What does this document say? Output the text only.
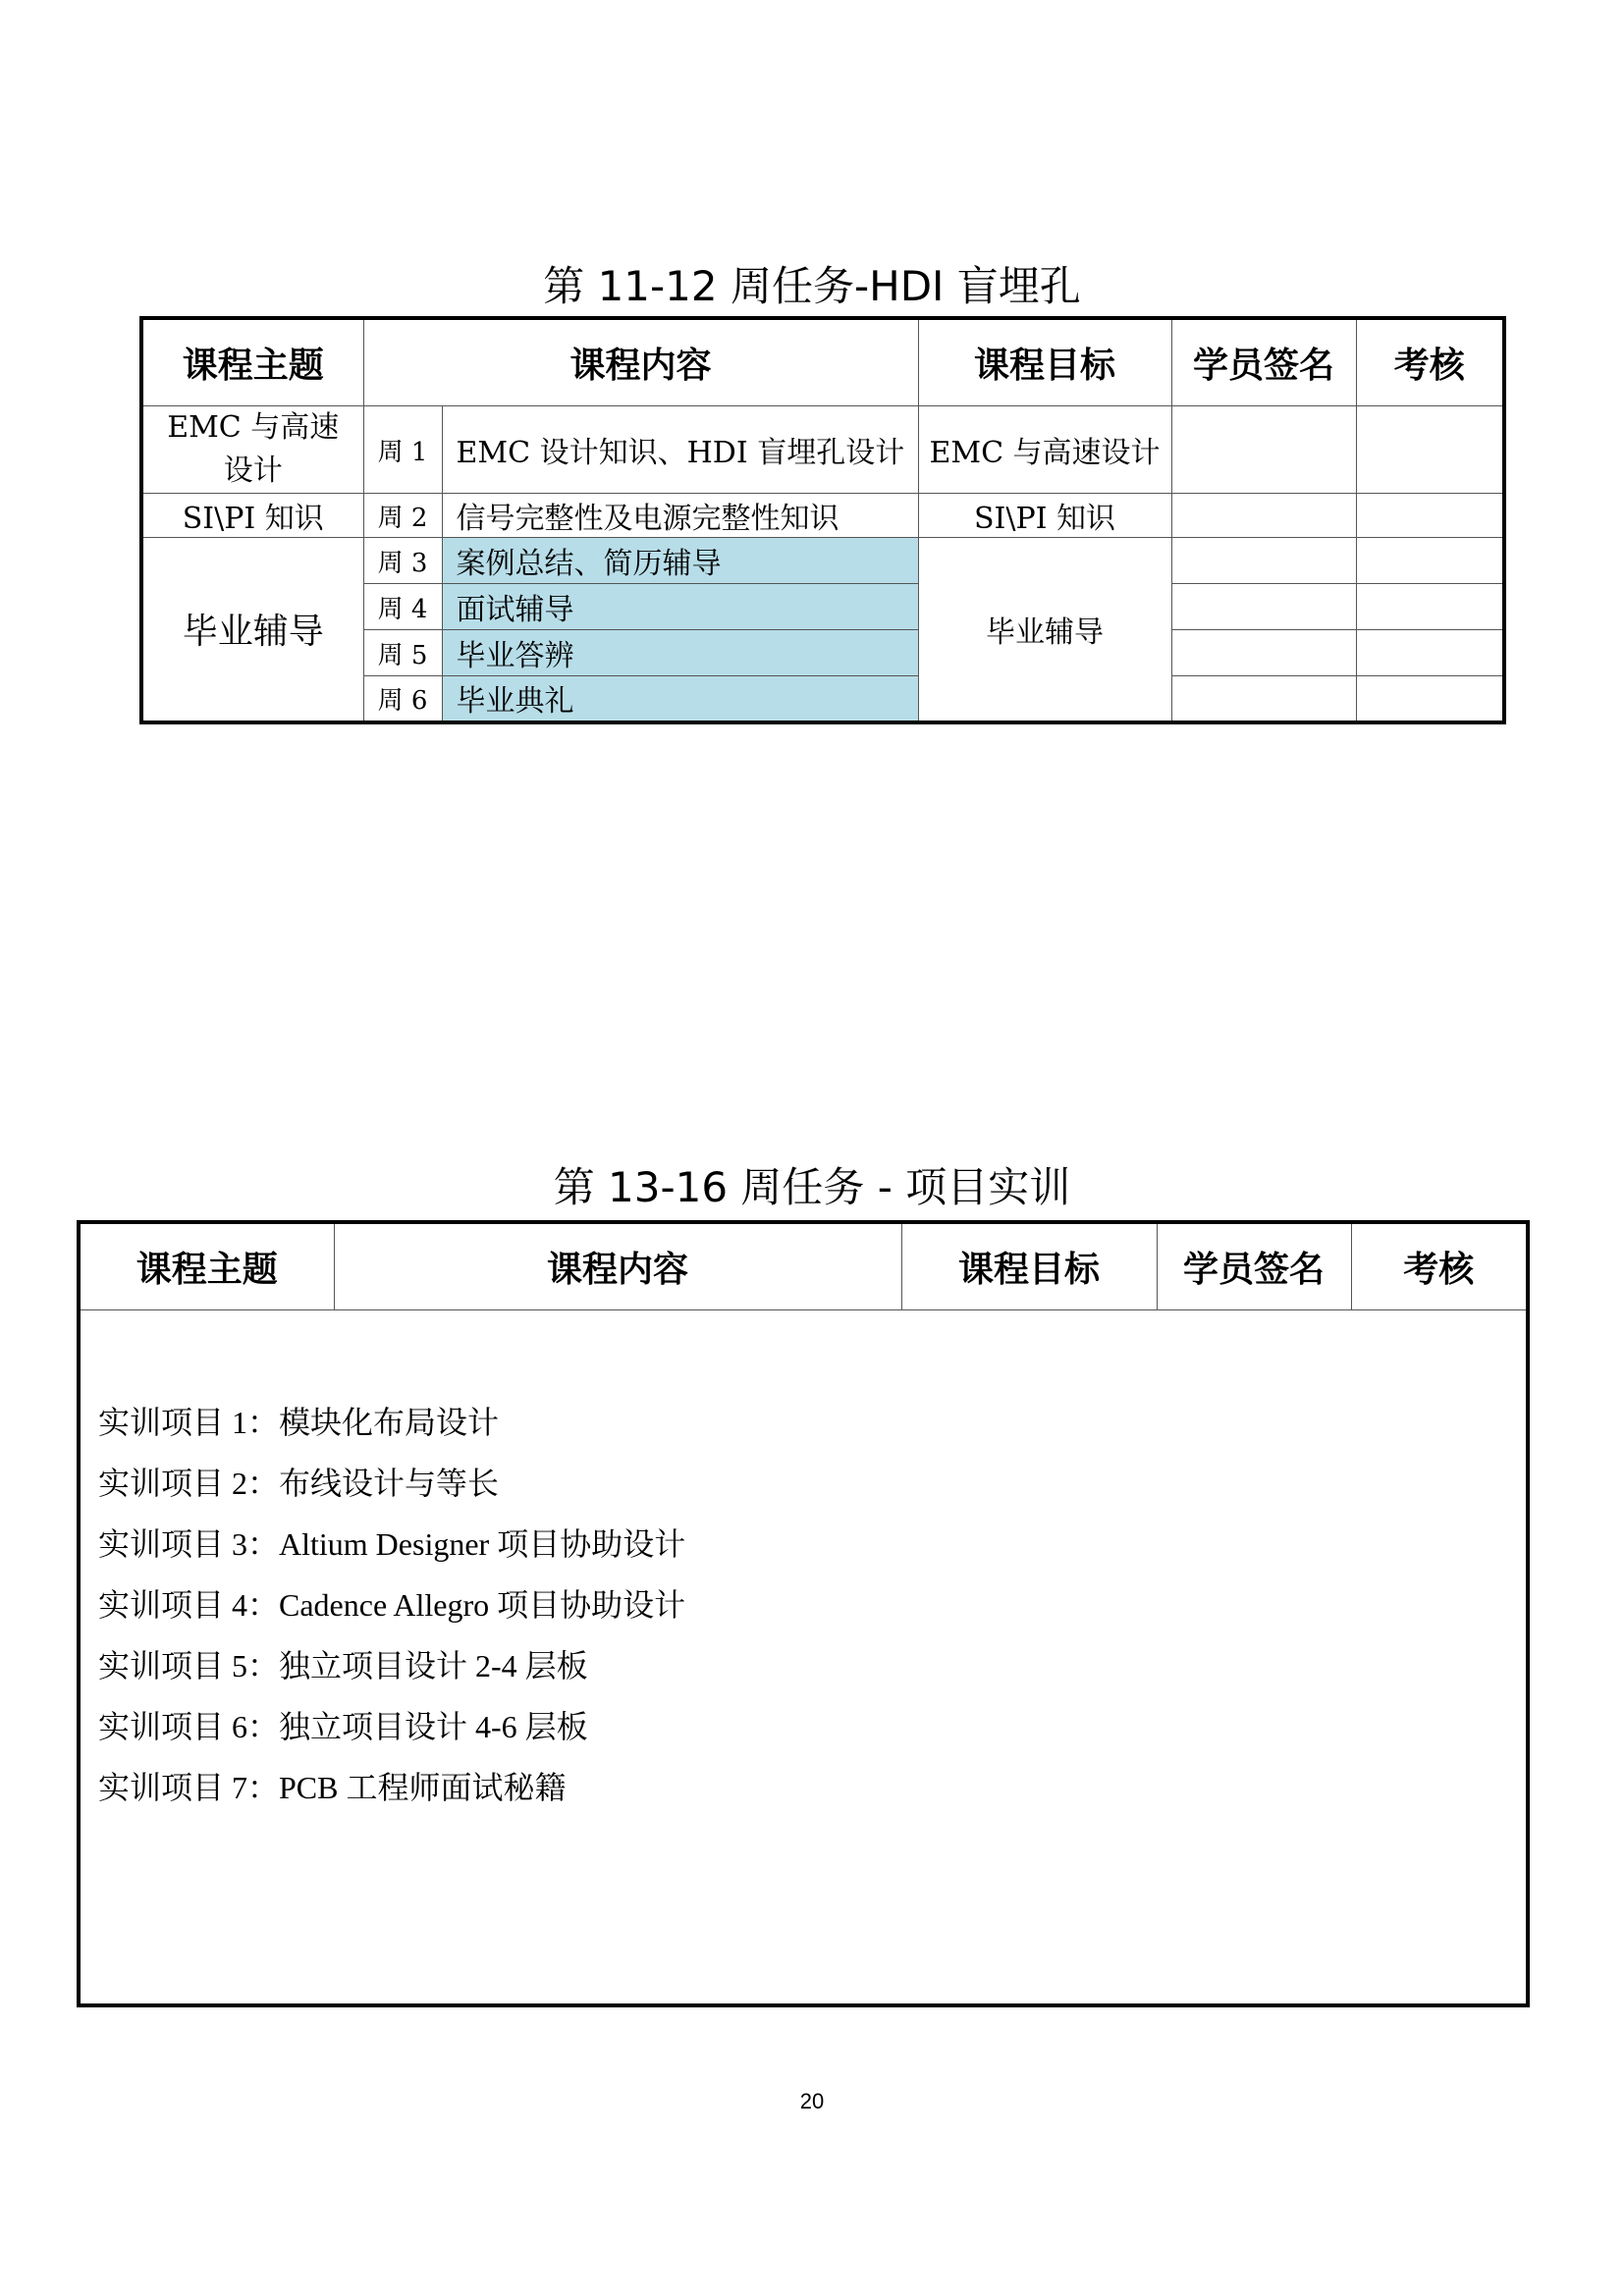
第 11-12 周任务-HDI 盲埋孔
课程主题	课程内容		课程目标	学员签名	考核
EMC 与高速设计	周 1	EMC 设计知识、HDI 盲埋孔设计	EMC 与高速设计		
SI\PI 知识	周 2	信号完整性及电源完整性知识	SI\PI 知识		
毕业辅导	周 3	案例总结、简历辅导	毕业辅导		
	周 4	面试辅导			
	周 5	毕业答辨			
	周 6	毕业典礼			
第 13-16 周任务 - 项目实训
课程主题	课程内容	课程目标	学员签名	考核

实训项目 1：模块化布局设计
实训项目 2：布线设计与等长
实训项目 3：Altium Designer 项目协助设计
实训项目 4：Cadence Allegro 项目协助设计
实训项目 5：独立项目设计 2-4 层板
实训项目 6：独立项目设计 4-6 层板
实训项目 7：PCB 工程师面试秘籍
20
